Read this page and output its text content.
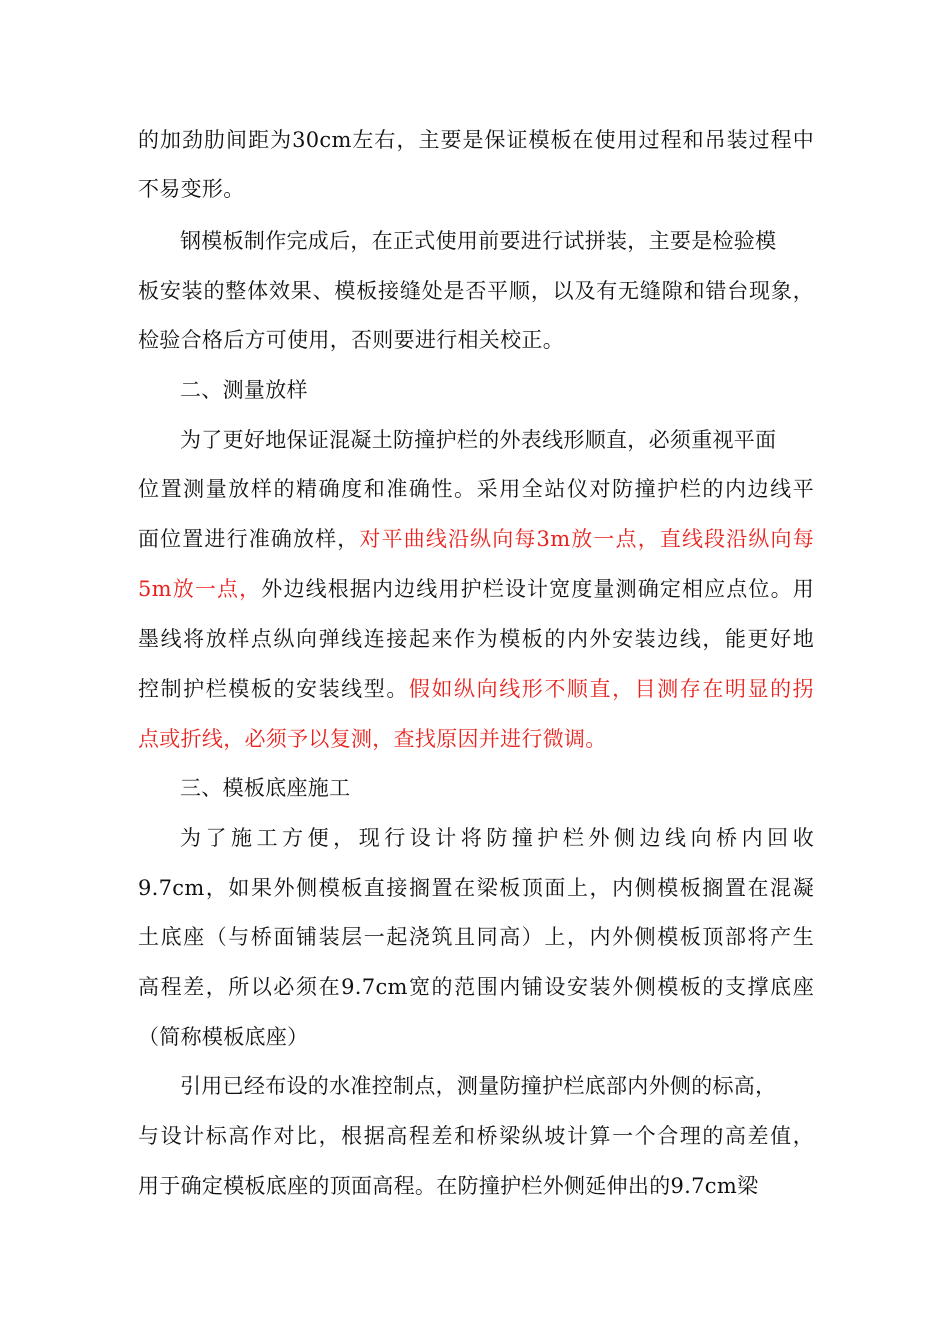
的加劲肋间距为30cm左右，主要是保证模板在使用过程和吊装过程中
不易变形。
钢模板制作完成后，在正式使用前要进行试拼装，主要是检验模
板安装的整体效果、模板接缝处是否平顺，以及有无缝隙和错台现象，
检验合格后方可使用，否则要进行相关校正。
二、测量放样
为了更好地保证混凝土防撞护栏的外表线形顺直，必须重视平面
位置测量放样的精确度和准确性。采用全站仪对防撞护栏的内边线平
面位置进行准确放样，对平曲线沿纵向每3m放一点，直线段沿纵向每
5m放一点，外边线根据内边线用护栏设计宽度量测确定相应点位。用
墨线将放样点纵向弹线连接起来作为模板的内外安装边线，能更好地
控制护栏模板的安装线型。假如纵向线形不顺直，目测存在明显的拐
点或折线，必须予以复测，查找原因并进行微调。
三、模板底座施工
为了施工方便，现行设计将防撞护栏外侧边线向桥内回收
9.7cm，如果外侧模板直接搁置在梁板顶面上，内侧模板搁置在混凝
土底座（与桥面铺装层一起浇筑且同高）上，内外侧模板顶部将产生
高程差，所以必须在9.7cm宽的范围内铺设安装外侧模板的支撑底座
（简称模板底座）
引用已经布设的水准控制点，测量防撞护栏底部内外侧的标高，
与设计标高作对比，根据高程差和桥梁纵坡计算一个合理的高差值，
用于确定模板底座的顶面高程。在防撞护栏外侧延伸出的9.7cm梁
